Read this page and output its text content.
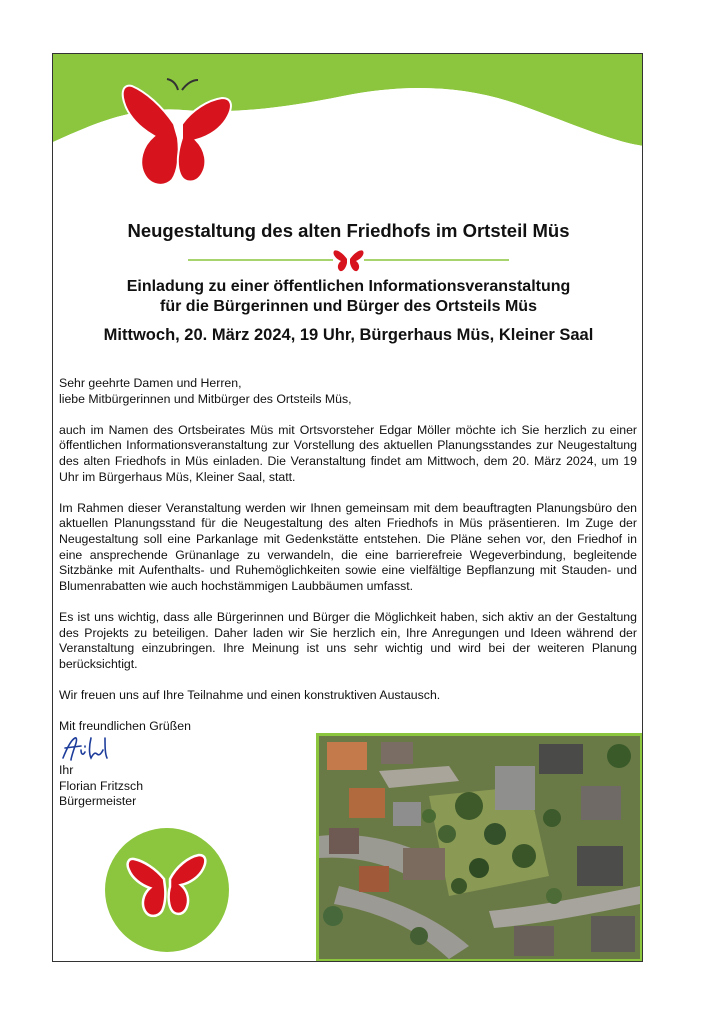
Neugestaltung des alten Friedhofs im Ortsteil Müs
Einladung zu einer öffentlichen Informationsveranstaltung
für die Bürgerinnen und Bürger des Ortsteils Müs
Mittwoch, 20. März 2024, 19 Uhr, Bürgerhaus Müs, Kleiner Saal

Sehr geehrte Damen und Herren,

liebe Mitbürgerinnen und Mitbürger des Ortsteils Müs,

auch im Namen des Ortsbeirates Müs mit Ortsvorsteher Edgar Möller möchte ich Sie herzlich zu einer öffentlichen Informationsveranstaltung zur Vorstellung des aktuellen Planungsstandes zur Neugestaltung des alten Friedhofs in Müs einladen. Die Veranstaltung findet am Mittwoch, dem 20. März 2024, um 19 Uhr im Bürgerhaus Müs, Kleiner Saal, statt.

Im Rahmen dieser Veranstaltung werden wir Ihnen gemeinsam mit dem beauftragten Planungsbüro den aktuellen Planungsstand für die Neugestaltung des alten Friedhofs in Müs präsentieren. Im Zuge der Neugestaltung soll eine Parkanlage mit Gedenkstätte entstehen. Die Pläne sehen vor, den Friedhof in eine ansprechende Grünanlage zu verwandeln, die eine barrierefreie Wegeverbindung, begleitende Sitzbänke mit Aufenthalts- und Ruhemöglichkeiten sowie eine vielfältige Bepflanzung mit Stauden- und Blumenrabatten wie auch hochstämmigen Laubbäumen umfasst.

Es ist uns wichtig, dass alle Bürgerinnen und Bürger die Möglichkeit haben, sich aktiv an der Gestaltung des Projekts zu beteiligen. Daher laden wir Sie herzlich ein, Ihre Anregungen und Ideen während der Veranstaltung einzubringen. Ihre Meinung ist uns sehr wichtig und wird bei der weiteren Planung berücksichtigt.

Wir freuen uns auf Ihre Teilnahme und einen konstruktiven Austausch.

Mit freundlichen Grüßen

Ihr
Florian Fritzsch
Bürgermeister
